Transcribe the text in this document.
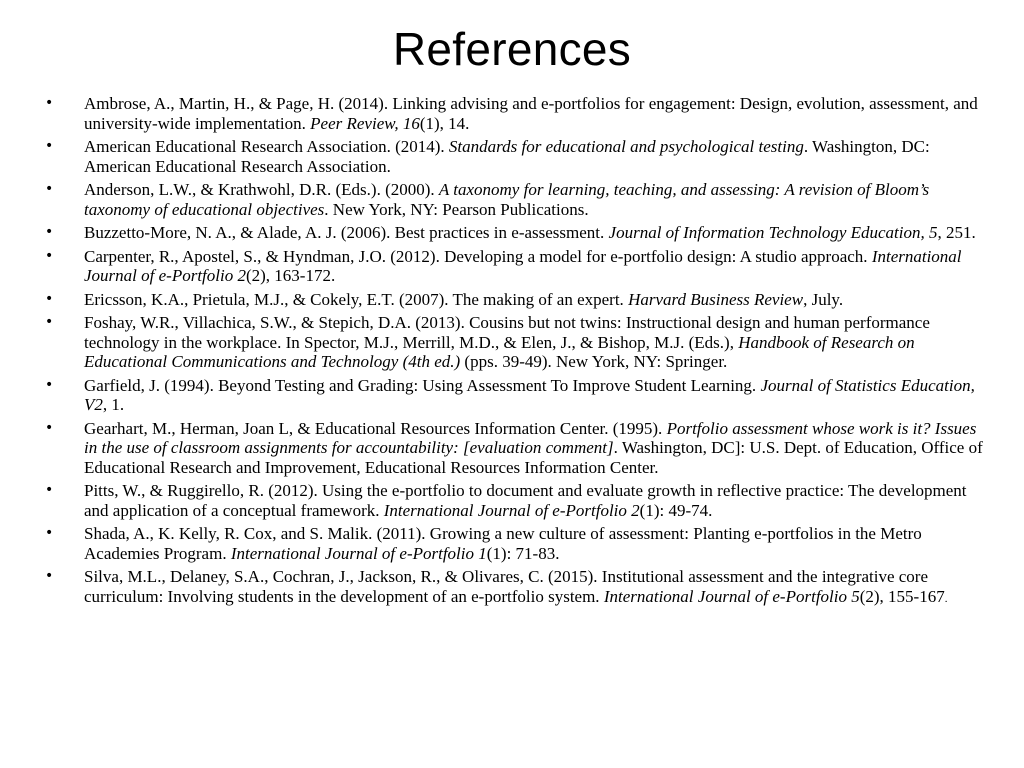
References
• Ambrose, A., Martin, H., & Page, H. (2014). Linking advising and e-portfolios for engagement: Design, evolution, assessment, and university-wide implementation. Peer Review, 16(1), 14.
• American Educational Research Association. (2014). Standards for educational and psychological testing. Washington, DC: American Educational Research Association.
• Anderson, L.W., & Krathwohl, D.R. (Eds.). (2000). A taxonomy for learning, teaching, and assessing: A revision of Bloom’s taxonomy of educational objectives. New York, NY: Pearson Publications.
• Buzzetto-More, N. A., & Alade, A. J. (2006). Best practices in e-assessment. Journal of Information Technology Education, 5, 251.
• Carpenter, R., Apostel, S., & Hyndman, J.O. (2012). Developing a model for e-portfolio design: A studio approach. International Journal of e-Portfolio 2(2), 163-172.
• Ericsson, K.A., Prietula, M.J., & Cokely, E.T. (2007). The making of an expert. Harvard Business Review, July.
• Foshay, W.R., Villachica, S.W., & Stepich, D.A. (2013). Cousins but not twins: Instructional design and human performance technology in the workplace. In Spector, M.J., Merrill, M.D., & Elen, J., & Bishop, M.J. (Eds.), Handbook of Research on Educational Communications and Technology (4th ed.) (pps. 39-49). New York, NY: Springer.
• Garfield, J. (1994). Beyond Testing and Grading: Using Assessment To Improve Student Learning. Journal of Statistics Education, V2, 1.
• Gearhart, M., Herman, Joan L, & Educational Resources Information Center. (1995). Portfolio assessment whose work is it? Issues in the use of classroom assignments for accountability: [evaluation comment]. Washington, DC]: U.S. Dept. of Education, Office of Educational Research and Improvement, Educational Resources Information Center.
• Pitts, W., & Ruggirello, R. (2012). Using the e-portfolio to document and evaluate growth in reflective practice: The development and application of a conceptual framework. International Journal of e-Portfolio 2(1): 49-74.
• Shada, A., K. Kelly, R. Cox, and S. Malik. (2011). Growing a new culture of assessment: Planting e-portfolios in the Metro Academies Program. International Journal of e-Portfolio 1(1): 71-83.
• Silva, M.L., Delaney, S.A., Cochran, J., Jackson, R., & Olivares, C. (2015). Institutional assessment and the integrative core curriculum: Involving students in the development of an e-portfolio system. International Journal of e-Portfolio 5(2), 155-167.
